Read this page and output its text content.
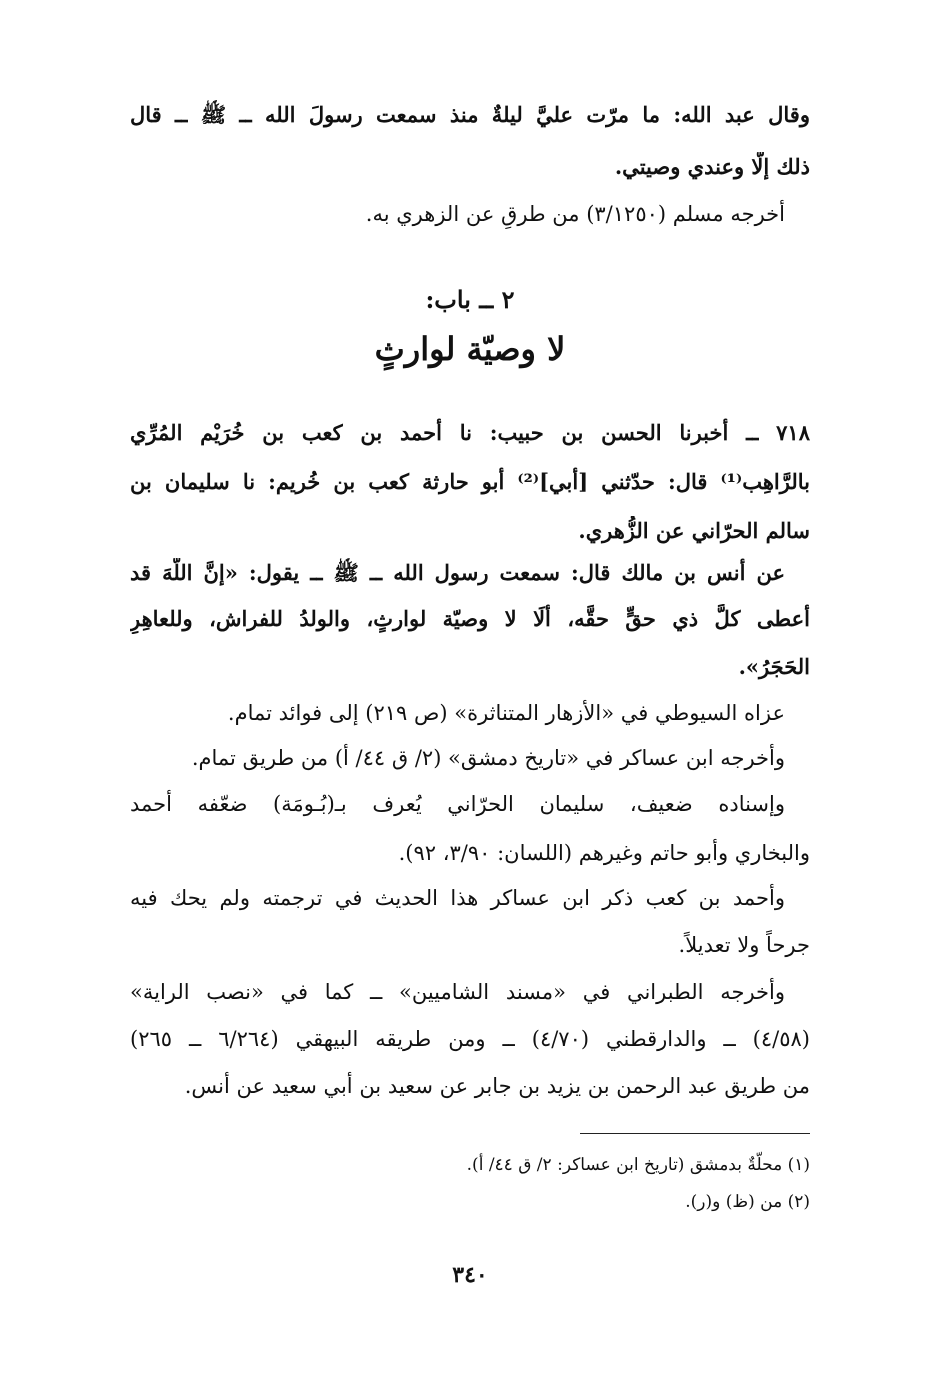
وقال عبد الله: ما مرّت عليَّ ليلةٌ منذ سمعت رسولَ الله ــ ﷺ ــ قال
ذلك إلّا وعندي وصيتي.
أخرجه مسلم (٣/١٢٥٠) من طرقٍ عن الزهري به.
٢ ــ باب:
لا وصيّة لوارثٍ
٧١٨ ــ أخبرنا الحسن بن حبيب: نا أحمد بن كعب بن خُرَيْم المُرِّي
بالرَّاهِب⁽¹⁾ قال: حدّثني [أبي]⁽²⁾ أبو حارثة كعب بن خُريم: نا سليمان بن
سالم الحرّاني عن الزُّهري.
عن أنس بن مالك قال: سمعت رسول الله ــ ﷺ ــ يقول: «إنَّ اللَّهَ قد
أعطى كلَّ ذي حقٍّ حقَّه، ألَا لا وصيّة لوارثٍ، والولدُ للفراش، وللعاهِرِ
الحَجَرُ».
عزاه السيوطي في «الأزهار المتناثرة» (ص ٢١٩) إلى فوائد تمام.
وأخرجه ابن عساكر في «تاريخ دمشق» (٢/ ق ٤٤/ أ) من طريق تمام.
وإسناده ضعيف، سليمان الحرّاني يُعرف بـ(بُـومَة) ضعّفه أحمد
والبخاري وأبو حاتم وغيرهم (اللسان: ٣/٩٠، ٩٢).
وأحمد بن كعب ذكر ابن عساكر هذا الحديث في ترجمته ولم يحك فيه
جرحاً ولا تعديلاً.
وأخرجه الطبراني في «مسند الشاميين» ــ كما في «نصب الراية»
(٤/٥٨) ــ والدارقطني (٤/٧٠) ــ ومن طريقه البيهقي (٦/٢٦٤ ــ ٢٦٥)
من طريق عبد الرحمن بن يزيد بن جابر عن سعيد بن أبي سعيد عن أنس.
(١) محلّةٌ بدمشق (تاريخ ابن عساكر: ٢/ ق ٤٤/ أ).
(٢) من (ظ) و(ر).
٣٤٠
